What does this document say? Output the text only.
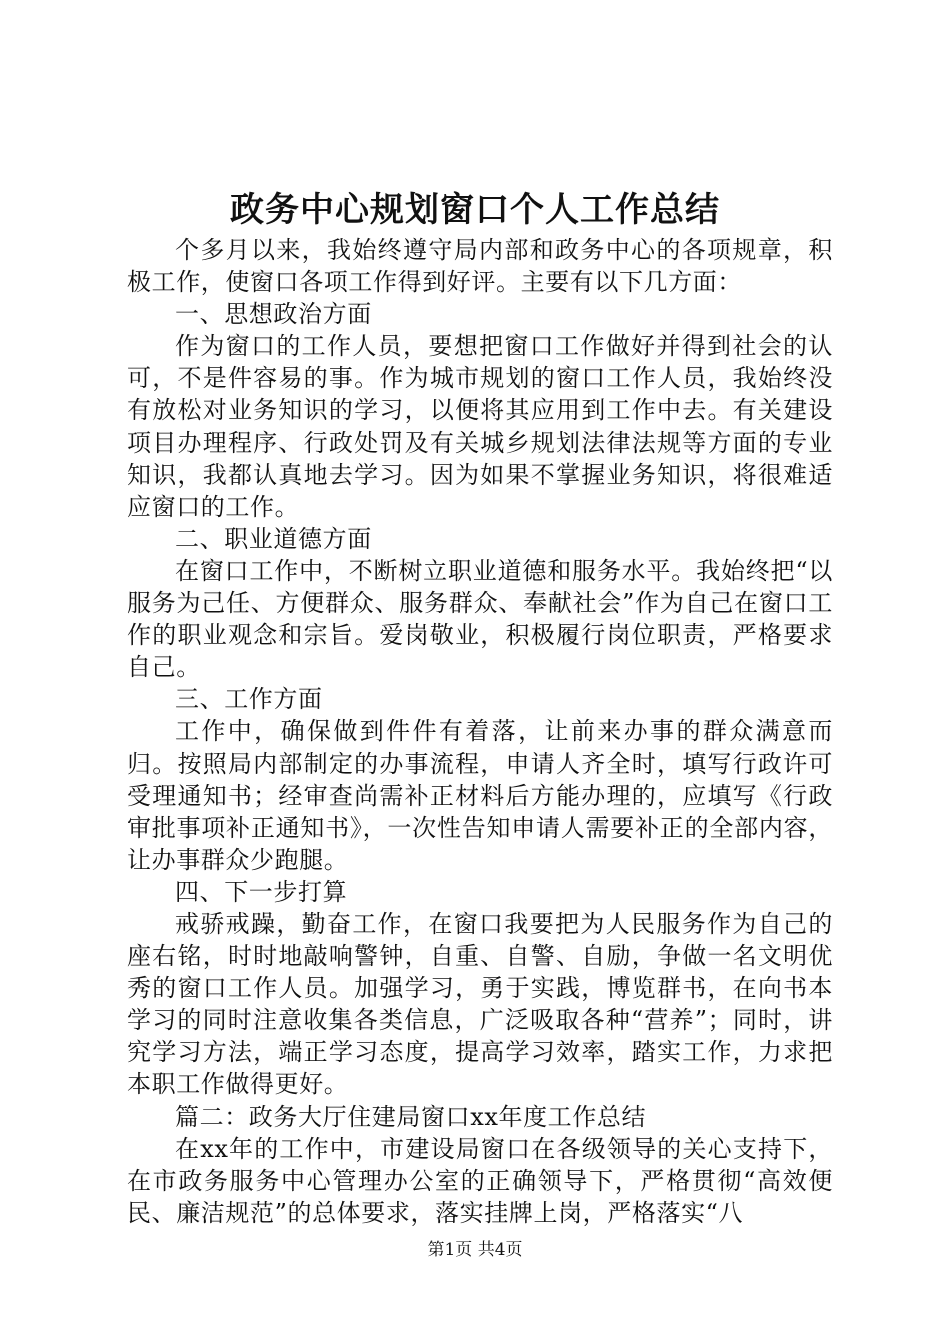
政务中心规划窗口个人工作总结

个多月以来，我始终遵守局内部和政务中心的各项规章，积极工作，使窗口各项工作得到好评。主要有以下几方面：

一、思想政治方面

作为窗口的工作人员，要想把窗口工作做好并得到社会的认可，不是件容易的事。作为城市规划的窗口工作人员，我始终没有放松对业务知识的学习，以便将其应用到工作中去。有关建设项目办理程序、行政处罚及有关城乡规划法律法规等方面的专业知识，我都认真地去学习。因为如果不掌握业务知识，将很难适应窗口的工作。

二、职业道德方面

在窗口工作中，不断树立职业道德和服务水平。我始终把“以服务为己任、方便群众、服务群众、奉献社会”作为自己在窗口工作的职业观念和宗旨。爱岗敬业，积极履行岗位职责，严格要求自己。

三、工作方面

工作中，确保做到件件有着落，让前来办事的群众满意而归。按照局内部制定的办事流程，申请人齐全时，填写行政许可受理通知书；经审查尚需补正材料后方能办理的，应填写《行政审批事项补正通知书》，一次性告知申请人需要补正的全部内容，让办事群众少跑腿。

四、下一步打算

戒骄戒躁，勤奋工作，在窗口我要把为人民服务作为自己的座右铭，时时地敲响警钟，自重、自警、自励，争做一名文明优秀的窗口工作人员。加强学习，勇于实践，博览群书，在向书本学习的同时注意收集各类信息，广泛吸取各种“营养”；同时，讲究学习方法，端正学习态度，提高学习效率，踏实工作，力求把本职工作做得更好。

篇二：政务大厅住建局窗口xx年度工作总结

在xx年的工作中，市建设局窗口在各级领导的关心支持下，在市政务服务中心管理办公室的正确领导下，严格贯彻“高效便民、廉洁规范”的总体要求，落实挂牌上岗，严格落实“八

第1页 共4页
